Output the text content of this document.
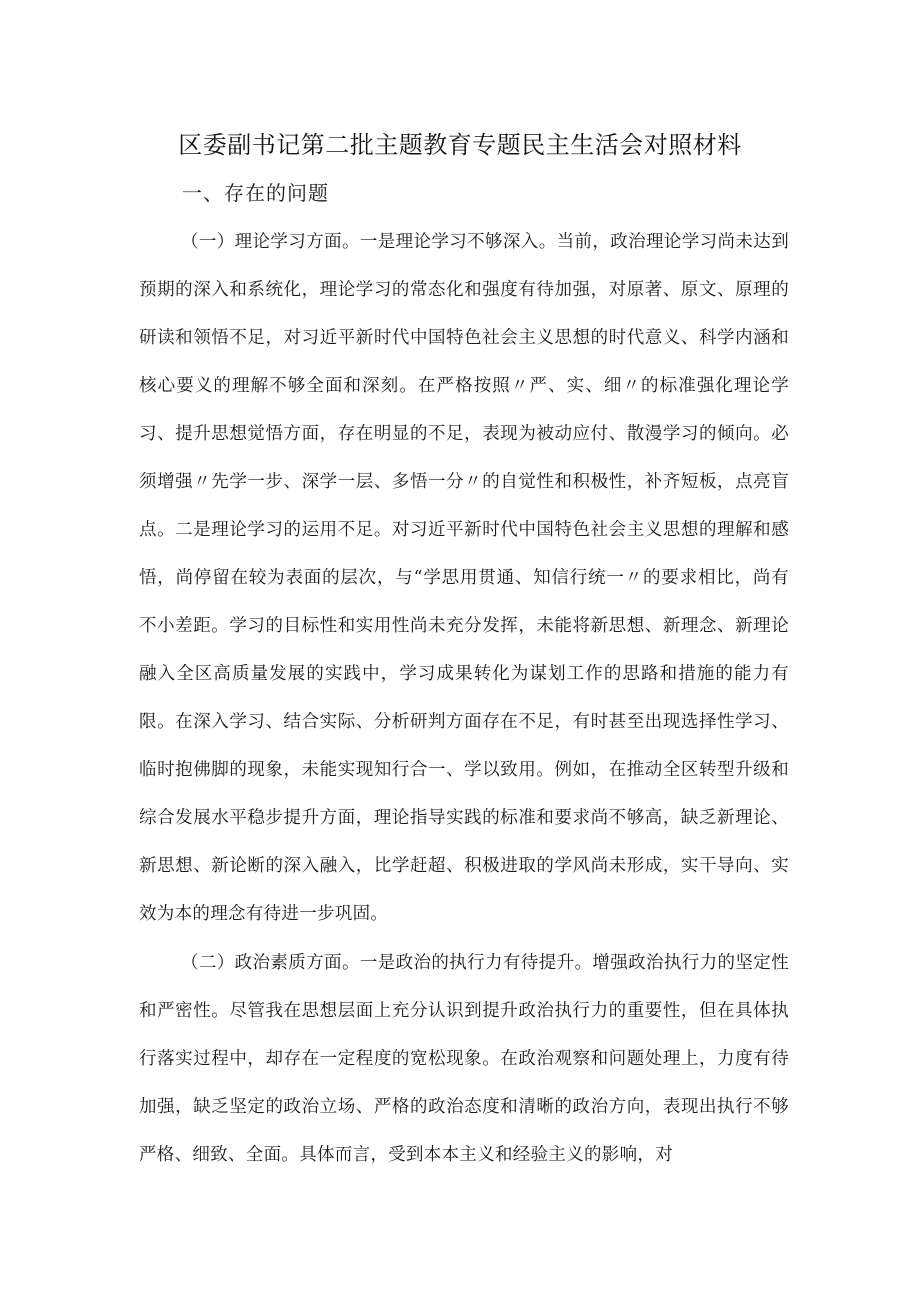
区委副书记第二批主题教育专题民主生活会对照材料
一、存在的问题

（一）理论学习方面。一是理论学习不够深入。当前，政治理论学习尚未达到预期的深入和系统化，理论学习的常态化和强度有待加强，对原著、原文、原理的研读和领悟不足，对习近平新时代中国特色社会主义思想的时代意义、科学内涵和核心要义的理解不够全面和深刻。在严格按照〃严、实、细〃的标准强化理论学习、提升思想觉悟方面，存在明显的不足，表现为被动应付、散漫学习的倾向。必须增强〃先学一步、深学一层、多悟一分〃的自觉性和积极性，补齐短板，点亮盲点。二是理论学习的运用不足。对习近平新时代中国特色社会主义思想的理解和感悟，尚停留在较为表面的层次，与“学思用贯通、知信行统一〃的要求相比，尚有不小差距。学习的目标性和实用性尚未充分发挥，未能将新思想、新理念、新理论融入全区高质量发展的实践中，学习成果转化为谋划工作的思路和措施的能力有限。在深入学习、结合实际、分析研判方面存在不足，有时甚至出现选择性学习、临时抱佛脚的现象，未能实现知行合一、学以致用。例如，在推动全区转型升级和综合发展水平稳步提升方面，理论指导实践的标准和要求尚不够高，缺乏新理论、新思想、新论断的深入融入，比学赶超、积极进取的学风尚未形成，实干导向、实效为本的理念有待进一步巩固。

（二）政治素质方面。一是政治的执行力有待提升。增强政治执行力的坚定性和严密性。尽管我在思想层面上充分认识到提升政治执行力的重要性，但在具体执行落实过程中，却存在一定程度的宽松现象。在政治观察和问题处理上，力度有待加强，缺乏坚定的政治立场、严格的政治态度和清晰的政治方向，表现出执行不够严格、细致、全面。具体而言，受到本本主义和经验主义的影响，对
